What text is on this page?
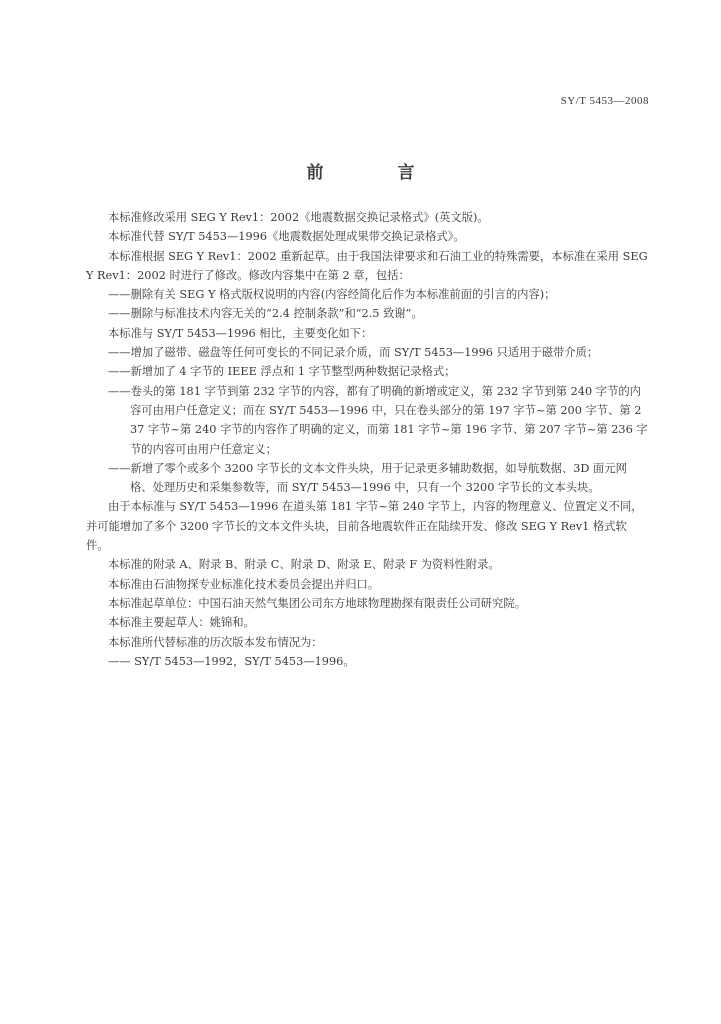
SY/T 5453—2008
前 言

本标准修改采用 SEG Y Rev1：2002《地震数据交换记录格式》(英文版)。

本标准代替 SY/T 5453—1996《地震数据处理成果带交换记录格式》。

本标准根据 SEG Y Rev1：2002 重新起草。由于我国法律要求和石油工业的特殊需要，本标准在采用 SEG Y Rev1：2002 时进行了修改。修改内容集中在第 2 章，包括：

——删除有关 SEG Y 格式版权说明的内容(内容经简化后作为本标准前面的引言的内容)；

——删除与标准技术内容无关的“2.4 控制条款”和“2.5 致谢”。

本标准与 SY/T 5453—1996 相比，主要变化如下：

——增加了磁带、磁盘等任何可变长的不同记录介质，而 SY/T 5453—1996 只适用于磁带介质；

——新增加了 4 字节的 IEEE 浮点和 1 字节整型两种数据记录格式；

——卷头的第 181 字节到第 232 字节的内容，都有了明确的新增或定义，第 232 字节到第 240 字节的内容可由用户任意定义；而在 SY/T 5453—1996 中，只在卷头部分的第 197 字节~第 200 字节、第 237 字节~第 240 字节的内容作了明确的定义，而第 181 字节~第 196 字节、第 207 字节~第 236 字节的内容可由用户任意定义；

——新增了零个或多个 3200 字节长的文本文件头块，用于记录更多辅助数据，如导航数据、3D 面元网格、处理历史和采集参数等，而 SY/T 5453—1996 中，只有一个 3200 字节长的文本头块。

由于本标准与 SY/T 5453—1996 在道头第 181 字节~第 240 字节上，内容的物理意义、位置定义不同，并可能增加了多个 3200 字节长的文本文件头块，目前各地震软件正在陆续开发、修改 SEG Y Rev1 格式软件。

本标准的附录 A、附录 B、附录 C、附录 D、附录 E、附录 F 为资料性附录。

本标准由石油物探专业标准化技术委员会提出并归口。

本标准起草单位：中国石油天然气集团公司东方地球物理勘探有限责任公司研究院。

本标准主要起草人：姚锦和。

本标准所代替标准的历次版本发布情况为：

—— SY/T 5453—1992，SY/T 5453—1996。
